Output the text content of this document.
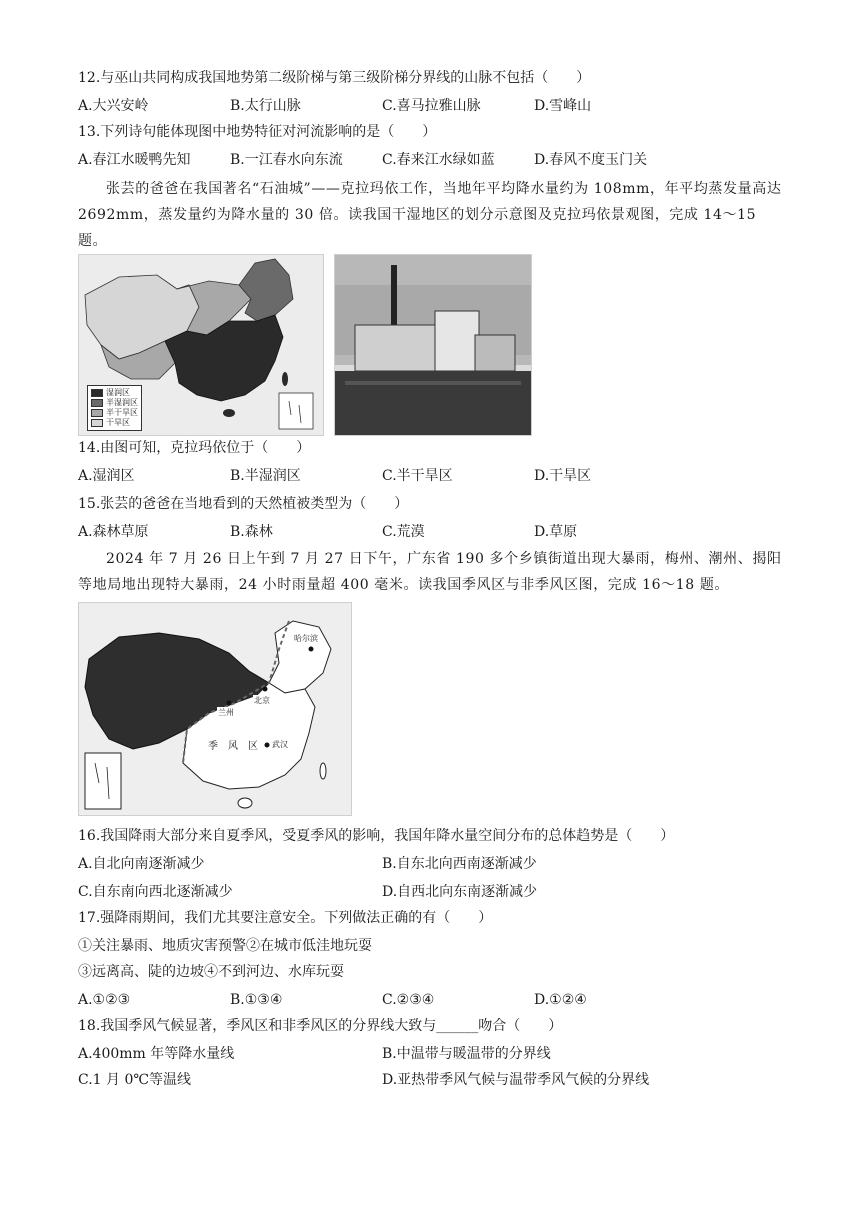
12.与巫山共同构成我国地势第二级阶梯与第三级阶梯分界线的山脉不包括（　　）
A.大兴安岭	B.太行山脉	C.喜马拉雅山脉	D.雪峰山
13.下列诗句能体现图中地势特征对河流影响的是（　　）
A.春江水暖鸭先知	B.一江春水向东流	C.春来江水绿如蓝	D.春风不度玉门关
张芸的爸爸在我国著名“石油城”——克拉玛依工作，当地年平均降水量约为 108mm，年平均蒸发量高达 2692mm，蒸发量约为降水量的 30 倍。读我国干湿地区的划分示意图及克拉玛依景观图，完成 14～15 题。
湿润区
半湿润区
半干旱区
干旱区
14.由图可知，克拉玛依位于（　　）
A.湿润区	B.半湿润区	C.半干旱区	D.干旱区
15.张芸的爸爸在当地看到的天然植被类型为（　　）
A.森林草原	B.森林	C.荒漠	D.草原
2024 年 7 月 26 日上午到 7 月 27 日下午，广东省 190 多个乡镇街道出现大暴雨，梅州、潮州、揭阳等地局地出现特大暴雨，24 小时雨量超 400 毫米。读我国季风区与非季风区图，完成 16～18 题。
哈尔滨
北京
兰州
季　风　区 武汉
16.我国降雨大部分来自夏季风，受夏季风的影响，我国年降水量空间分布的总体趋势是（　　）
A.自北向南逐渐减少	B.自东北向西南逐渐减少
C.自东南向西北逐渐减少	D.自西北向东南逐渐减少
17.强降雨期间，我们尤其要注意安全。下列做法正确的有（　　）
①关注暴雨、地质灾害预警②在城市低洼地玩耍
③远离高、陡的边坡④不到河边、水库玩耍
A.①②③	B.①③④	C.②③④	D.①②④
18.我国季风气候显著，季风区和非季风区的分界线大致与______吻合（　　）
A.400mm 年等降水量线	B.中温带与暖温带的分界线
C.1 月 0℃等温线	D.亚热带季风气候与温带季风气候的分界线
